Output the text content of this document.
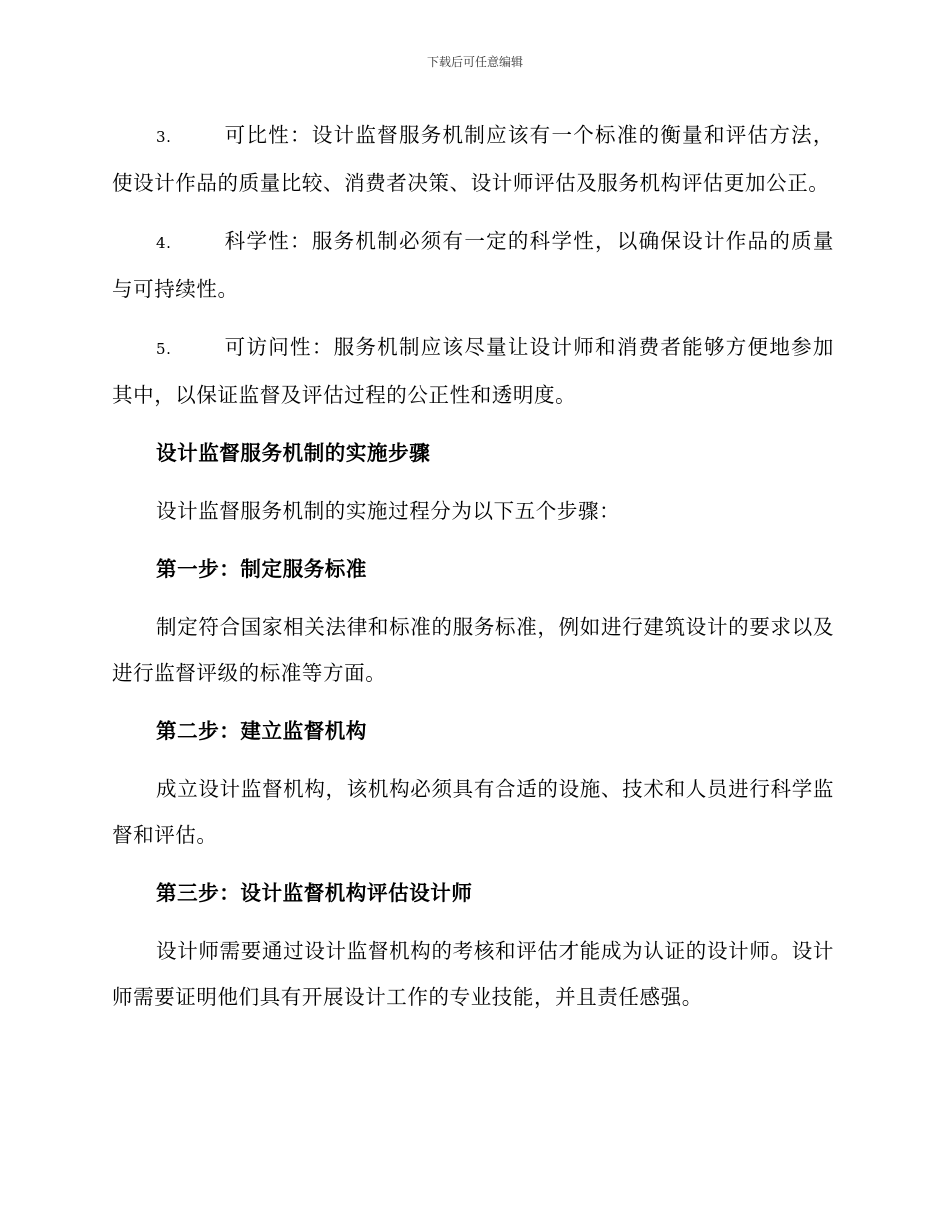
下载后可任意编辑

3.	可比性：设计监督服务机制应该有一个标准的衡量和评估方法，使设计作品的质量比较、消费者决策、设计师评估及服务机构评估更加公正。

4.	科学性：服务机制必须有一定的科学性，以确保设计作品的质量与可持续性。

5.	可访问性：服务机制应该尽量让设计师和消费者能够方便地参加其中，以保证监督及评估过程的公正性和透明度。

设计监督服务机制的实施步骤

设计监督服务机制的实施过程分为以下五个步骤：

第一步：制定服务标准

制定符合国家相关法律和标准的服务标准，例如进行建筑设计的要求以及进行监督评级的标准等方面。

第二步：建立监督机构

成立设计监督机构，该机构必须具有合适的设施、技术和人员进行科学监督和评估。

第三步：设计监督机构评估设计师

设计师需要通过设计监督机构的考核和评估才能成为认证的设计师。设计师需要证明他们具有开展设计工作的专业技能，并且责任感强。
